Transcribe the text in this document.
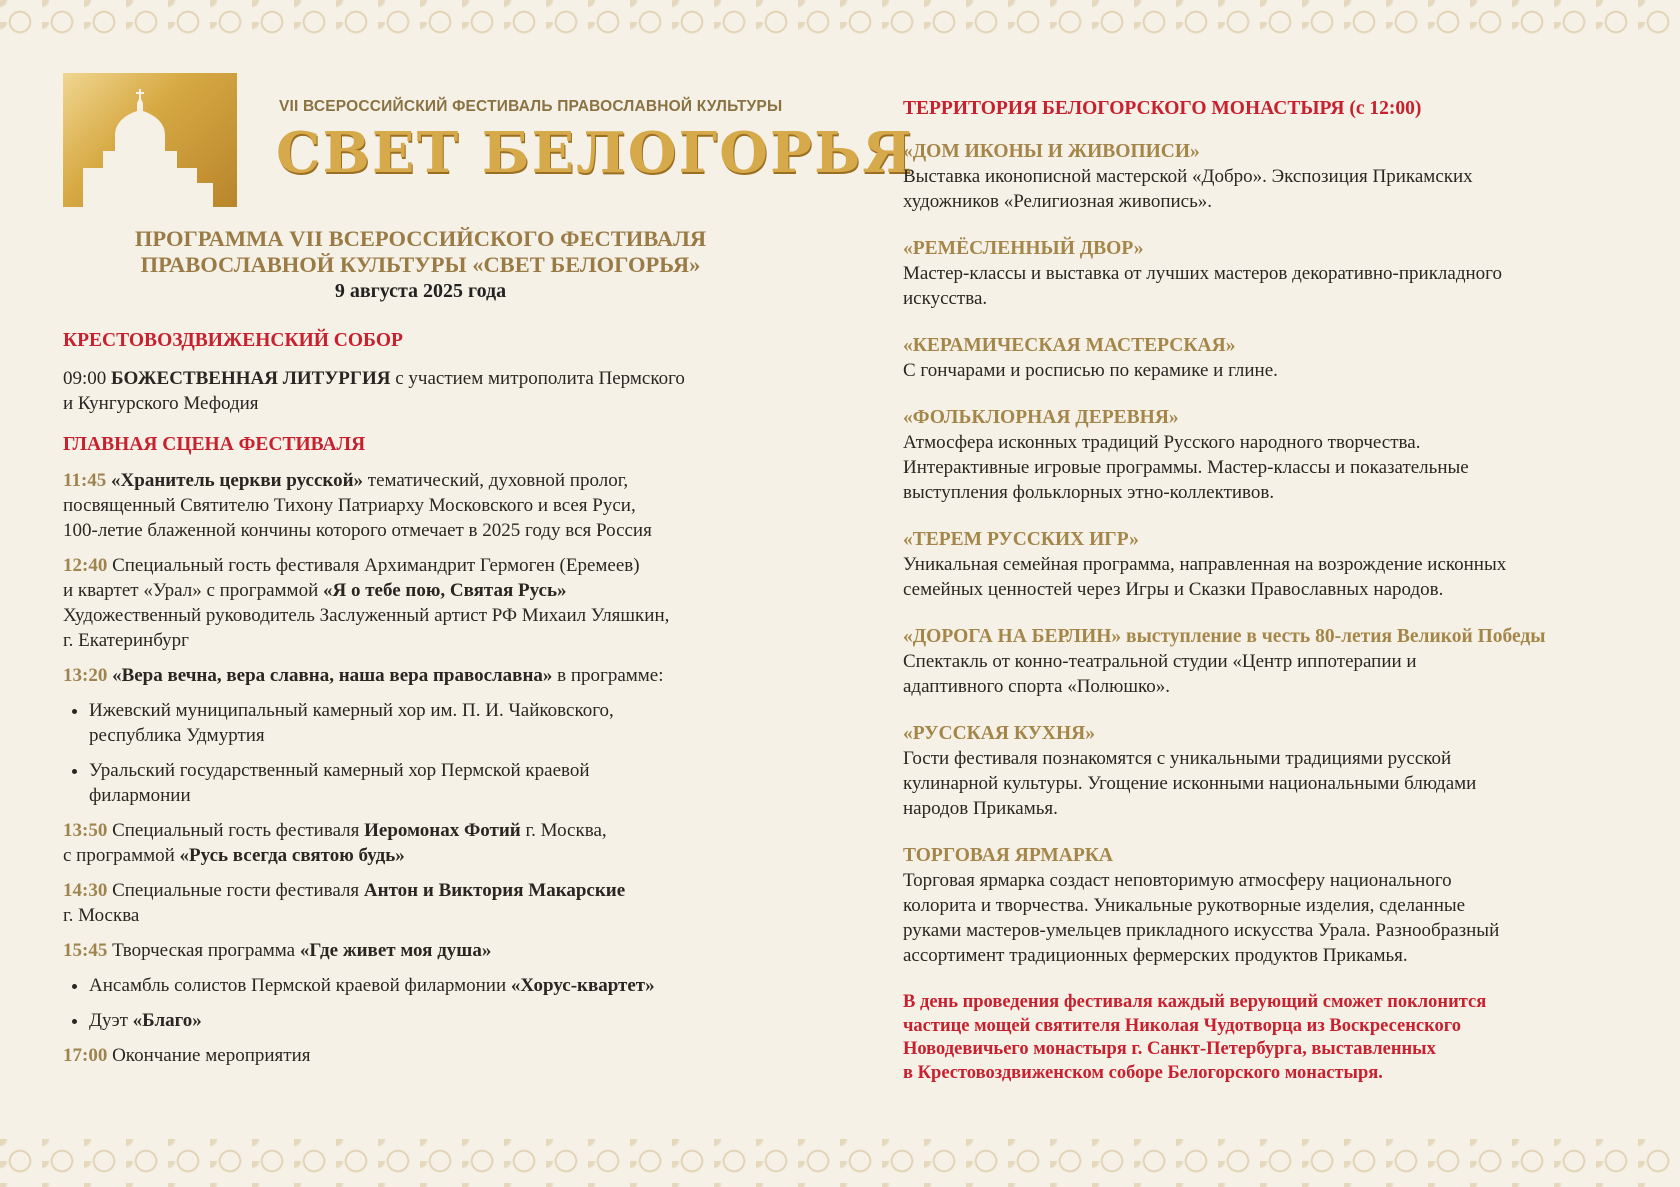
VII ВСЕРОССИЙСКИЙ ФЕСТИВАЛЬ ПРАВОСЛАВНОЙ КУЛЬТУРЫ
СВЕТ БЕЛОГОРЬЯ
ПРОГРАММА VII ВСЕРОССИЙСКОГО ФЕСТИВАЛЯ
ПРАВОСЛАВНОЙ КУЛЬТУРЫ «СВЕТ БЕЛОГОРЬЯ»
9 августа 2025 года

КРЕСТОВОЗДВИЖЕНСКИЙ СОБОР

09:00 БОЖЕСТВЕННАЯ ЛИТУРГИЯ с участием митрополита Пермского
и Кунгурского Мефодия

ГЛАВНАЯ СЦЕНА ФЕСТИВАЛЯ

11:45 «Хранитель церкви русской» тематический, духовной пролог,
посвященный Святителю Тихону Патриарху Московского и всея Руси,
100-летие блаженной кончины которого отмечает в 2025 году вся Россия

12:40 Специальный гость фестиваля Архимандрит Гермоген (Еремеев)
и квартет «Урал» с программой «Я о тебе пою, Святая Русь»
Художественный руководитель Заслуженный артист РФ Михаил Уляшкин,
г. Екатеринбург

13:20 «Вера вечна, вера славна, наша вера православна» в программе:

• Ижевский муниципальный камерный хор им. П. И. Чайковского,
республика Удмуртия
• Уральский государственный камерный хор Пермской краевой
филармонии

13:50 Специальный гость фестиваля Иеромонах Фотий г. Москва,
с программой «Русь всегда святою будь»

14:30 Специальные гости фестиваля Антон и Виктория Макарские
г. Москва

15:45 Творческая программа «Где живет моя душа»

• Ансамбль солистов Пермской краевой филармонии «Хорус-квартет»
• Дуэт «Благо»

17:00 Окончание мероприятия

ТЕРРИТОРИЯ БЕЛОГОРСКОГО МОНАСТЫРЯ (с 12:00)

«ДОМ ИКОНЫ И ЖИВОПИСИ»

Выставка иконописной мастерской «Добро». Экспозиция Прикамских
художников «Религиозная живопись».

«РЕМЁСЛЕННЫЙ ДВОР»

Мастер-классы и выставка от лучших мастеров декоративно-прикладного
искусства.

«КЕРАМИЧЕСКАЯ МАСТЕРСКАЯ»

С гончарами и росписью по керамике и глине.

«ФОЛЬКЛОРНАЯ ДЕРЕВНЯ»

Атмосфера исконных традиций Русского народного творчества.
Интерактивные игровые программы. Мастер-классы и показательные
выступления фольклорных этно-коллективов.

«ТЕРЕМ РУССКИХ ИГР»

Уникальная семейная программа, направленная на возрождение исконных
семейных ценностей через Игры и Сказки Православных народов.

«ДОРОГА НА БЕРЛИН» выступление в честь 80-летия Великой Победы

Спектакль от конно-театральной студии «Центр иппотерапии и
адаптивного спорта «Полюшко».

«РУССКАЯ КУХНЯ»

Гости фестиваля познакомятся с уникальными традициями русской
кулинарной культуры. Угощение исконными национальными блюдами
народов Прикамья.

ТОРГОВАЯ ЯРМАРКА

Торговая ярмарка создаст неповторимую атмосферу национального
колорита и творчества. Уникальные рукотворные изделия, сделанные
руками мастеров-умельцев прикладного искусства Урала. Разнообразный
ассортимент традиционных фермерских продуктов Прикамья.

В день проведения фестиваля каждый верующий сможет поклонится
частице мощей святителя Николая Чудотворца из Воскресенского
Новодевичьего монастыря г. Санкт-Петербурга, выставленных
в Крестовоздвиженском соборе Белогорского монастыря.
